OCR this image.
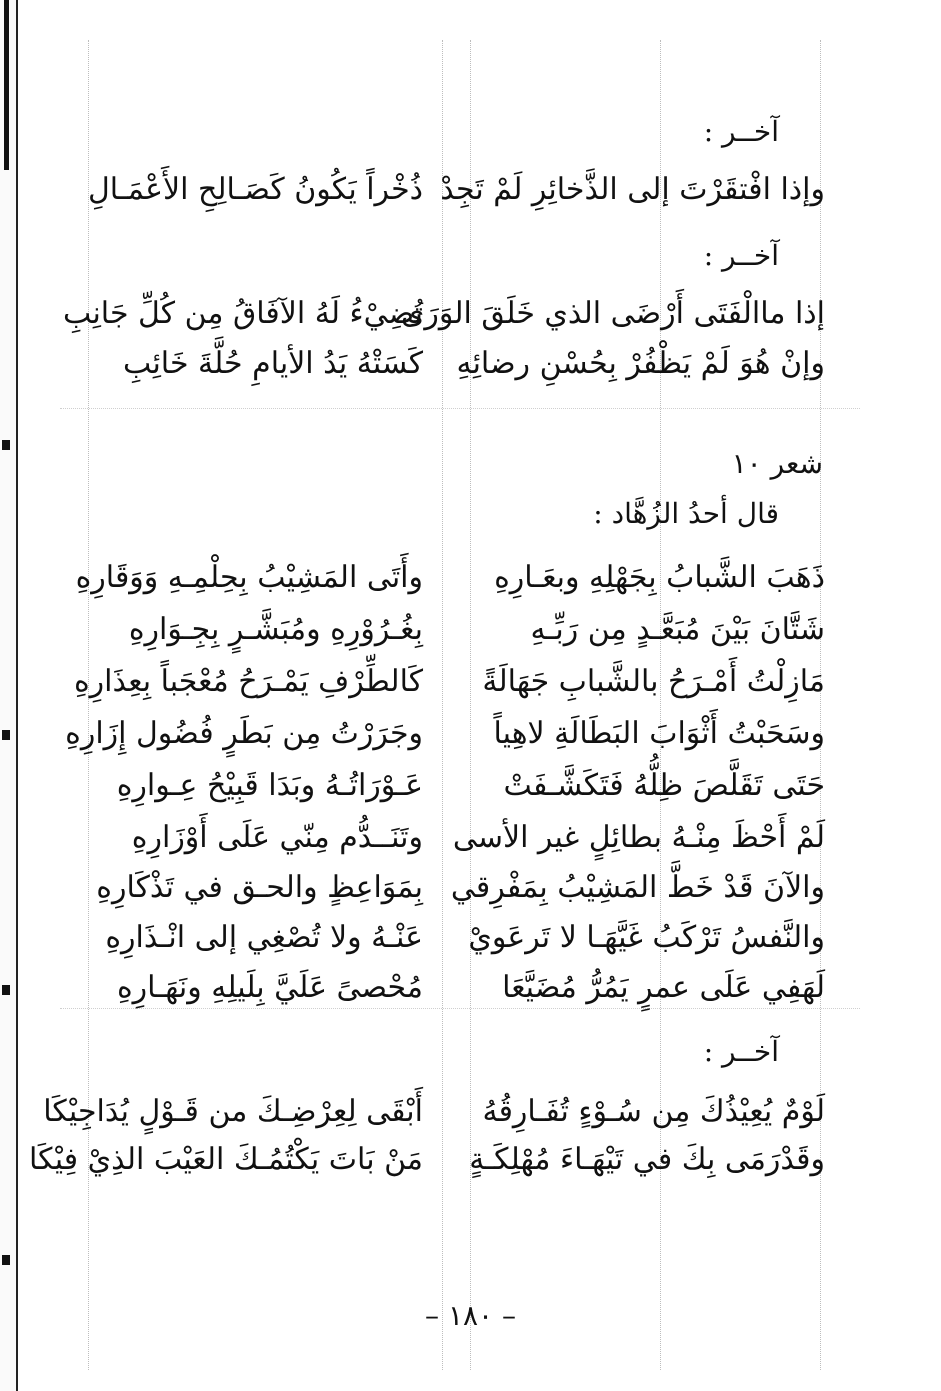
آخــر :
وإذا افْتقَرْتَ إلى الذَّخائِرِ لَمْ تَجِدْ
ذُخْراً يَكُونُ كَصَـالِحِ الأَعْمَـالِ
آخــر :
إذا ماالْفَتَى أَرْضَى الذي خَلَقَ الوَرَى
تُضِيْءُ لَهُ الآفَاقُ مِن كُلِّ جَانِبِ
وإنْ هُوَ لَمْ يَظْفُرْ بِحُسْنِ رضائِهِ
كَسَتْهُ يَدُ الأيامِ حُلَّةَ خَائِبِ
شعر ١٠
قال أحدُ الزُهَّاد :
ذَهَبَ الشَّبابُ بِجَهْلِهِ وبعَـارِهِ
وأَتَى المَشِيْبُ بِحِلْمِـهِ وَوَقَارِهِ
شَتَّانَ بَيْنَ مُبَعَّـدٍ مِن رَبِّـهِ
بِغُـرُوْرِهِ ومُبَشَّـرٍ بِجِـوَارِهِ
مَازِلْتُ أَمْـرَحُ بالشَّبابِ جَهَالَةً
كَالطِّرْفِ يَمْـرَحُ مُعْجَباً بِعِذَارِهِ
وسَحَبْتُ أَثْوَابَ البَطَالَةِ لاهِياً
وجَرَرْتُ مِن بَطَرٍ فُضُول إِزَارِهِ
حَتَى تَقَلَّصَ ظِلُّهُ فَتَكَشَّـفَتْ
عَـوْرَاتُـهُ وبَدَا قَبِيْحُ عِـوارِهِ
لَمْ أَحْظَ مِنْـهُ بطائِلٍ غير الأسى
وتَنَــدُّم مِنّي عَلَى أَوْزَارِهِ
والآنَ قَدْ خَطَّ المَشِيْبُ بِمَفْرِقي
بِمَوَاعِظٍ والحـق في تَذْكَارِهِ
والنَّفسُ تَرْكَبُ غَيَّهَـا لا تَرعَويْ
عَنْـهُ ولا تُصْغِي إلى انْـذَارِهِ
لَهَفِي عَلَى عمرٍ يَمُرُّ مُضَيَّعَا
مُحْصىً عَلَيَّ بِلَيلِهِ ونَهَـارِهِ
آخــر :
لَوْمٌ يُعِيْذُكَ مِن سُـوْءٍ تُفَـارِقُهُ
أَبْقَى لِعِرْضِـكَ من قَـوْلٍ يُدَاجِيْكَا
وقَدْرَمَى بِكَ في تَيْهَـاءَ مُهْلِكَـةٍ
مَنْ بَاتَ يَكْتُمُـكَ العَيْبَ الذِيْ فِيْكَا
– ١٨٠ –
